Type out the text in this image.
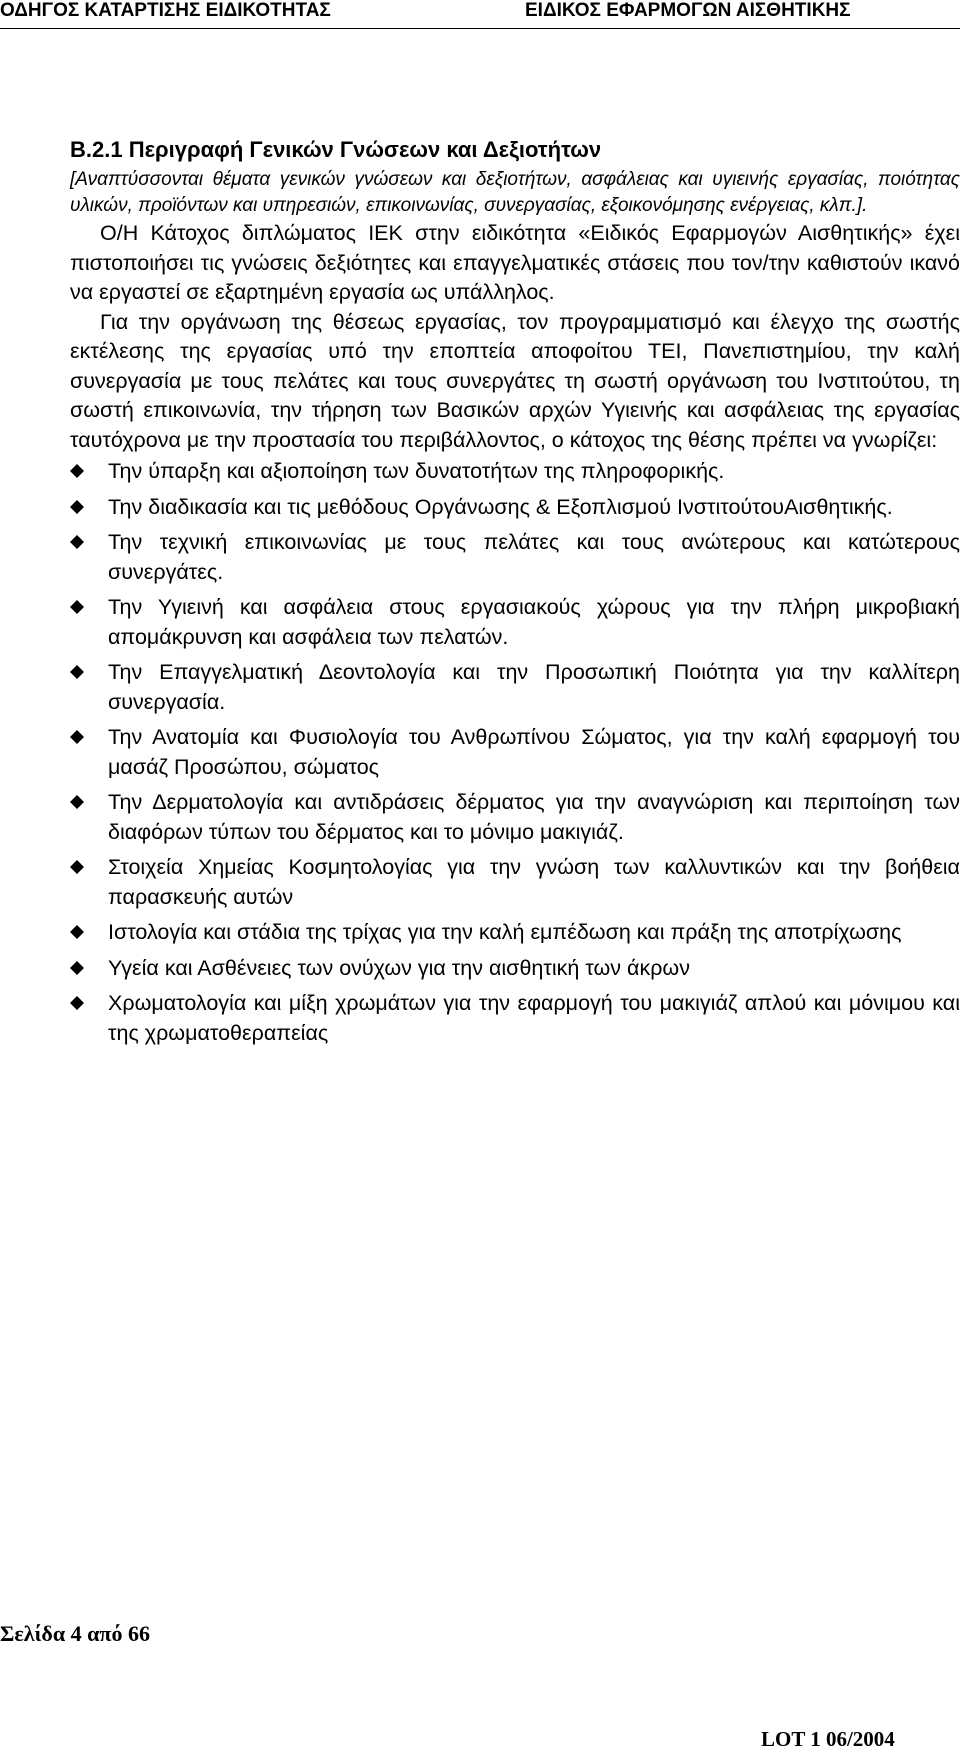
ΟΔΗΓΟΣ ΚΑΤΑΡΤΙΣΗΣ ΕΙΔΙΚΟΤΗΤΑΣ	ΕΙΔΙΚΟΣ ΕΦΑΡΜΟΓΩΝ ΑΙΣΘΗΤΙΚΗΣ
Β.2.1 Περιγραφή Γενικών Γνώσεων και Δεξιοτήτων

[Αναπτύσσονται θέματα γενικών γνώσεων και δεξιοτήτων, ασφάλειας και υγιεινής εργασίας, ποιότητας υλικών, προϊόντων και υπηρεσιών, επικοινωνίας, συνεργασίας, εξοικονόμησης ενέργειας, κλπ.].

Ο/Η Κάτοχος διπλώματος ΙΕΚ στην ειδικότητα «Ειδικός Εφαρμογών Αισθητικής» έχει πιστοποιήσει τις γνώσεις δεξιότητες και επαγγελματικές στάσεις που τον/την καθιστούν ικανό να εργαστεί σε εξαρτημένη εργασία ως υπάλληλος.

Για την οργάνωση της θέσεως εργασίας, τον προγραμματισμό και έλεγχο της σωστής εκτέλεσης της εργασίας υπό την εποπτεία αποφοίτου ΤΕΙ, Πανεπιστημίου, την καλή συνεργασία με τους πελάτες και τους συνεργάτες τη σωστή οργάνωση του Ινστιτούτου, τη σωστή επικοινωνία, την τήρηση των Βασικών αρχών Υγιεινής και ασφάλειας της εργασίας ταυτόχρονα με την προστασία του περιβάλλοντος, ο κάτοχος της θέσης πρέπει να γνωρίζει:

Την ύπαρξη και αξιοποίηση των δυνατοτήτων της πληροφορικής.
Την διαδικασία και τις μεθόδους Οργάνωσης & Εξοπλισμού ΙνστιτούτουΑισθητικής.
Την τεχνική επικοινωνίας με τους πελάτες και τους ανώτερους και κατώτερους συνεργάτες.
Την Υγιεινή και ασφάλεια στους εργασιακούς χώρους για την πλήρη μικροβιακή απομάκρυνση και ασφάλεια των πελατών.
Την Επαγγελματική Δεοντολογία και την Προσωπική Ποιότητα για την καλλίτερη συνεργασία.
Την Ανατομία και Φυσιολογία του Ανθρωπίνου Σώματος, για την καλή εφαρμογή του μασάζ Προσώπου, σώματος
Την Δερματολογία και αντιδράσεις δέρματος για την αναγνώριση και περιποίηση των διαφόρων τύπων του δέρματος και το μόνιμο μακιγιάζ.
Στοιχεία Χημείας Κοσμητολογίας για την γνώση των καλλυντικών και την βοήθεια παρασκευής αυτών
Ιστολογία και στάδια της τρίχας για την καλή εμπέδωση και πράξη της αποτρίχωσης
Υγεία και Ασθένειες των ονύχων για την αισθητική των άκρων
Χρωματολογία και μίξη χρωμάτων για την εφαρμογή του μακιγιάζ απλού και μόνιμου και της χρωματοθεραπείας
Σελίδα 4 από 66
LOT 1 06/2004
